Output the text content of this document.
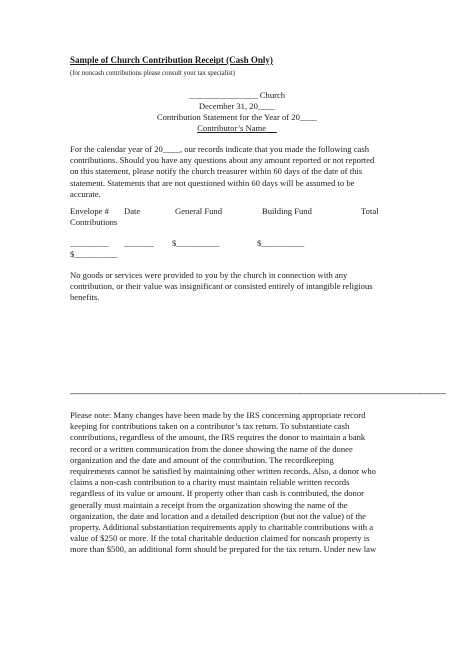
Sample of Church Contribution Receipt (Cash Only)
(for noncash contributions please consult your tax specialist)
________________ Church
December 31, 20____
Contribution Statement for the Year of 20____
Contributor’s Name
For the calendar year of 20____, our records indicate that you made the following cash
contributions. Should you have any questions about any amount reported or not reported
on this statement, please notify the church treasurer within 60 days of the date of this
statement. Statements that are not questioned within 60 days will be assumed to be
accurate.
Envelope # Date	General Fund	Building Fund	Total
Contributions
_________ _______ $__________	$__________
$__________
No goods or services were provided to you by the church in connection with any
contribution, or their value was insignificant or consisted entirely of intangible religious
benefits.
----------------------------------------------------------------------------------------------------------------------------------------------------------------------
Please note: Many changes have been made by the IRS concerning appropriate record
keeping for contributions taken on a contributor’s tax return. To substantiate cash
contributions, regardless of the amount, the IRS requires the donor to maintain a bank
record or a written communication from the donee showing the name of the donee
organization and the date and amount of the contribution. The recordkeeping
requirements cannot be satisfied by maintaining other written records. Also, a donor who
claims a non-cash contribution to a charity must maintain reliable written records
regardless of its value or amount. If property other than cash is contributed, the donor
generally must maintain a receipt from the organization showing the name of the
organization, the date and location and a detailed description (but not the value) of the
property. Additional substantiation requirements apply to charitable contributions with a
value of $250 or more. If the total charitable deduction claimed for noncash property is
more than $500, an additional form should be prepared for the tax return. Under new law
